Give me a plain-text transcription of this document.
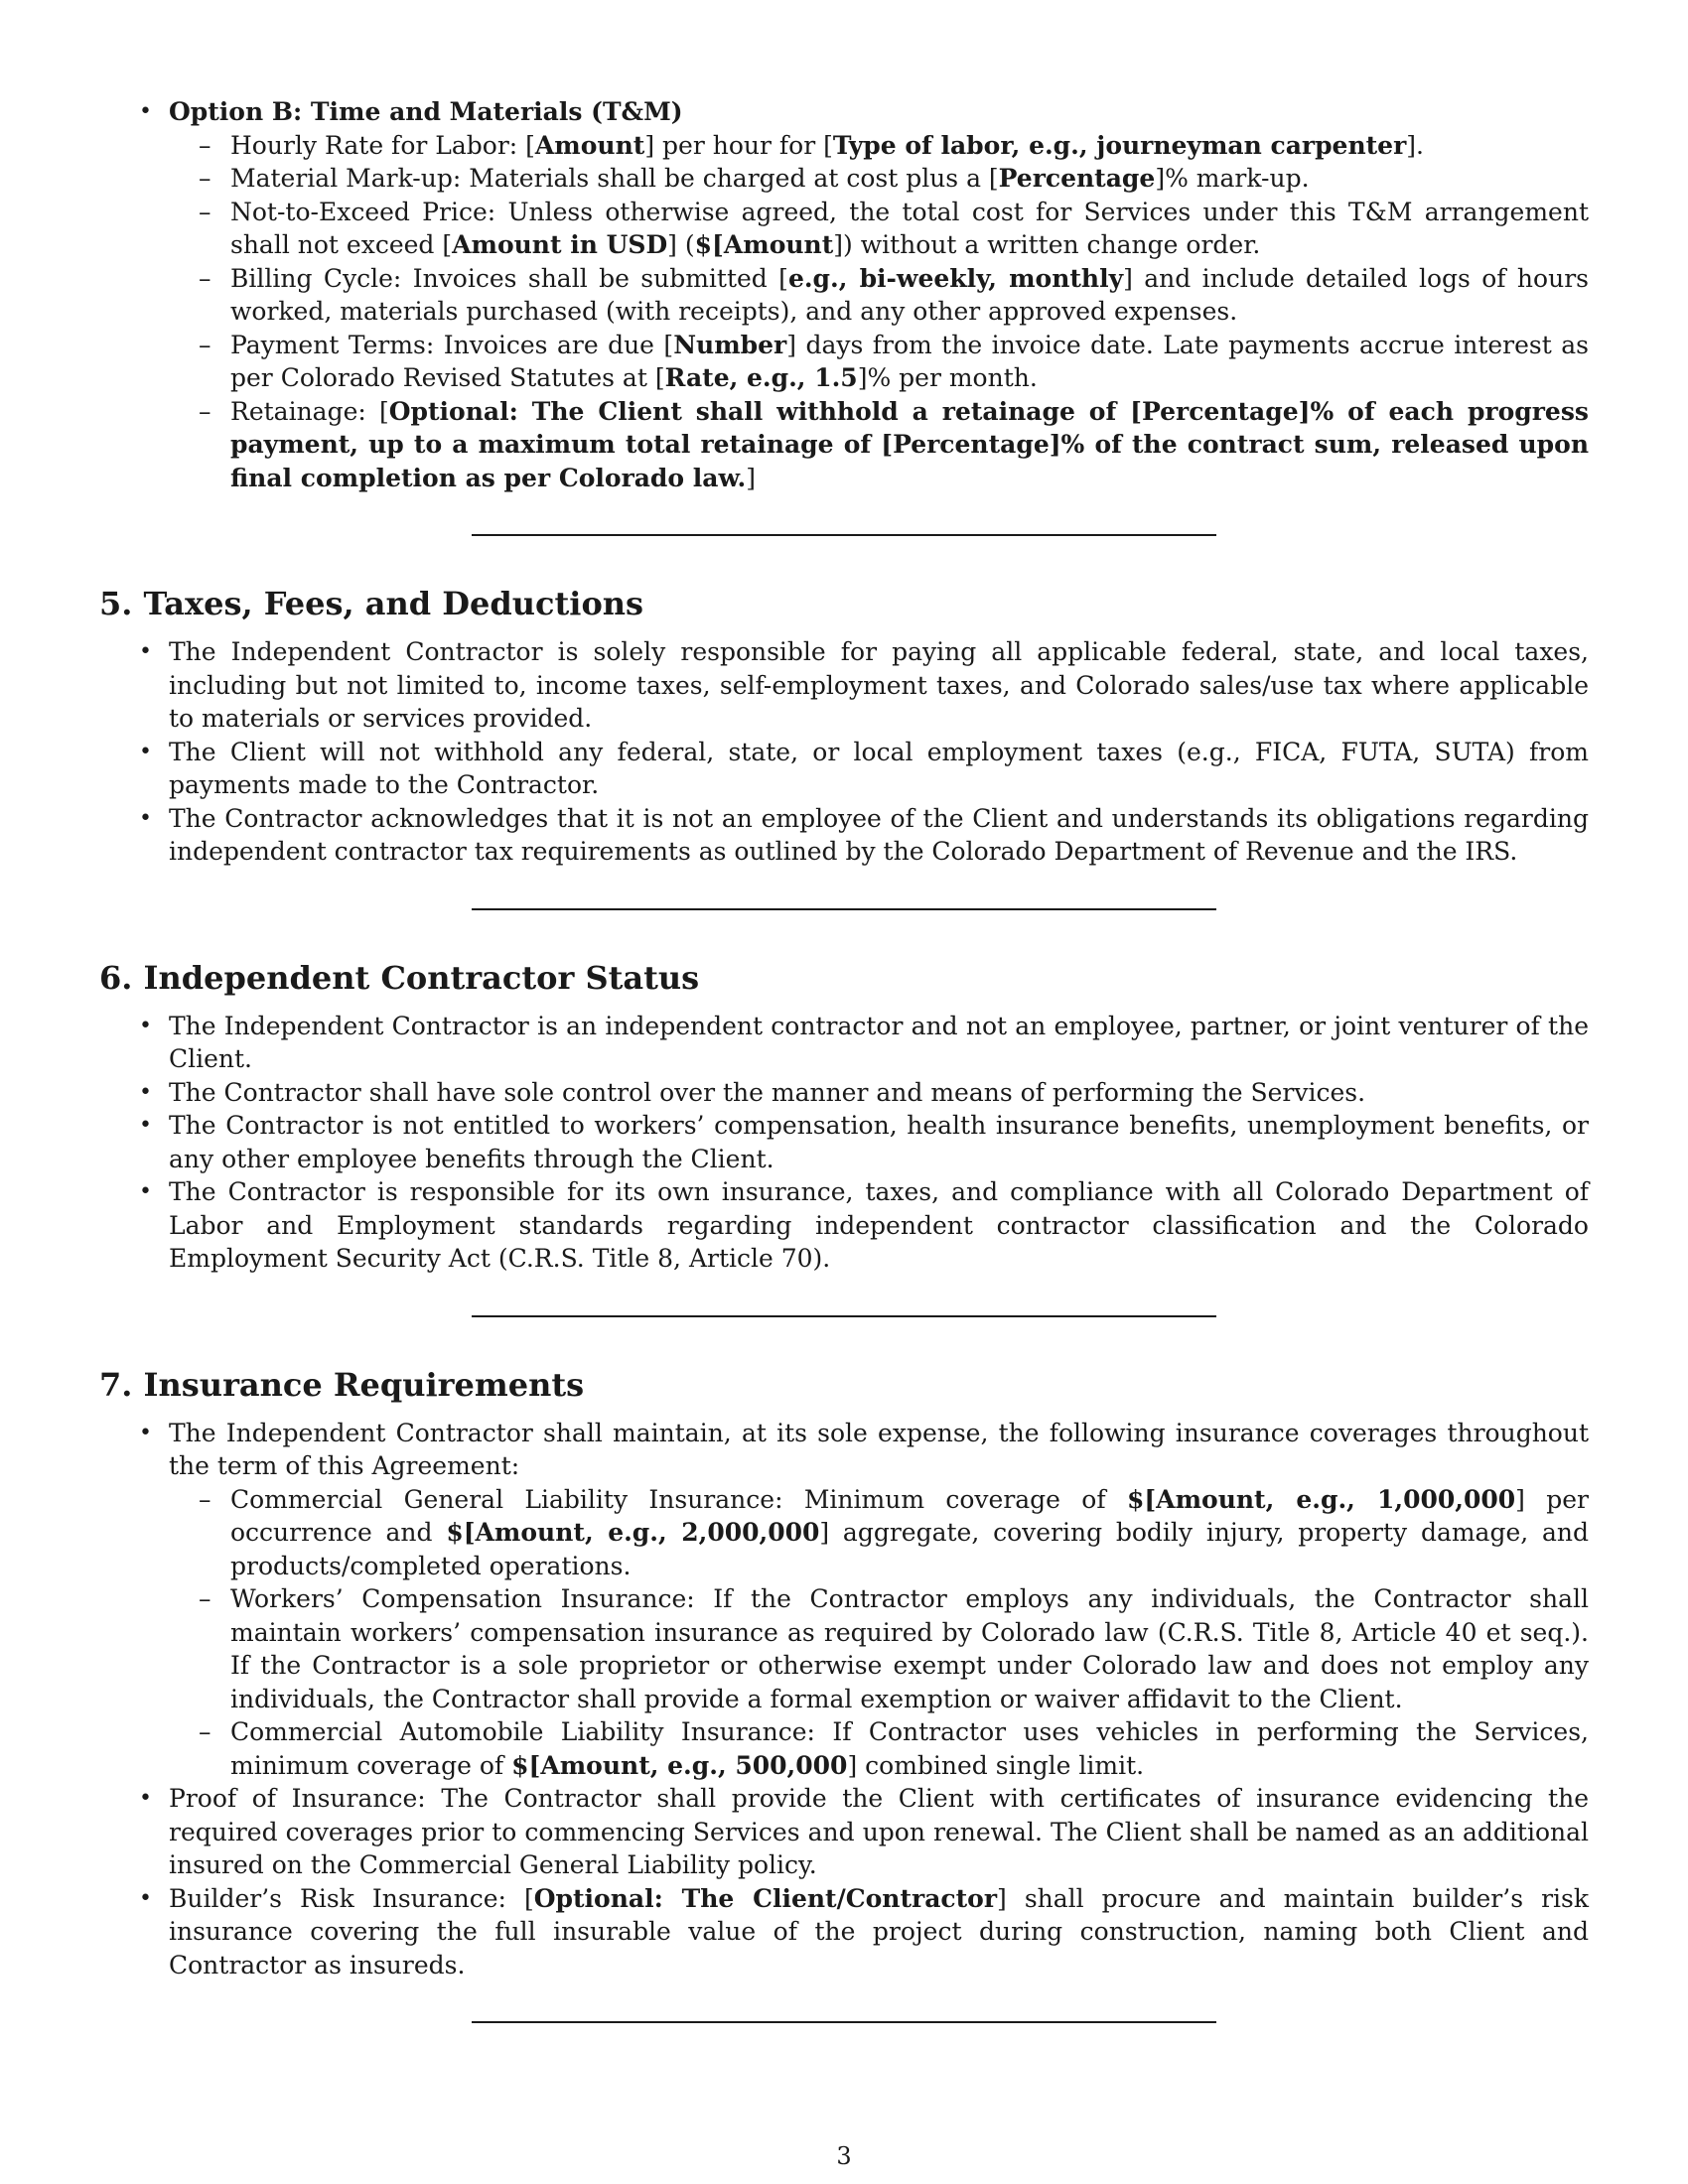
• Option B: Time and Materials (T&M)
– Hourly Rate for Labor: [Amount] per hour for [Type of labor, e.g., journeyman carpenter].
– Material Mark-up: Materials shall be charged at cost plus a [Percentage]% mark-up.
– Not-to-Exceed Price: Unless otherwise agreed, the total cost for Services under this T&M arrangement shall not exceed [Amount in USD] ($[Amount]) without a written change order.
– Billing Cycle: Invoices shall be submitted [e.g., bi-weekly, monthly] and include detailed logs of hours worked, materials purchased (with receipts), and any other approved expenses.
– Payment Terms: Invoices are due [Number] days from the invoice date. Late payments accrue interest as per Colorado Revised Statutes at [Rate, e.g., 1.5]% per month.
– Retainage: [Optional: The Client shall withhold a retainage of [Percentage]% of each progress payment, up to a maximum total retainage of [Percentage]% of the contract sum, released upon final completion as per Colorado law.]
5. Taxes, Fees, and Deductions
• The Independent Contractor is solely responsible for paying all applicable federal, state, and local taxes, including but not limited to, income taxes, self-employment taxes, and Colorado sales/use tax where applicable to materials or services provided.
• The Client will not withhold any federal, state, or local employment taxes (e.g., FICA, FUTA, SUTA) from payments made to the Contractor.
• The Contractor acknowledges that it is not an employee of the Client and understands its obligations regarding independent contractor tax requirements as outlined by the Colorado Department of Revenue and the IRS.
6. Independent Contractor Status
• The Independent Contractor is an independent contractor and not an employee, partner, or joint venturer of the Client.
• The Contractor shall have sole control over the manner and means of performing the Services.
• The Contractor is not entitled to workers’ compensation, health insurance benefits, unemployment benefits, or any other employee benefits through the Client.
• The Contractor is responsible for its own insurance, taxes, and compliance with all Colorado Department of Labor and Employment standards regarding independent contractor classification and the Colorado Employment Security Act (C.R.S. Title 8, Article 70).
7. Insurance Requirements
• The Independent Contractor shall maintain, at its sole expense, the following insurance coverages throughout the term of this Agreement:
– Commercial General Liability Insurance: Minimum coverage of $[Amount, e.g., 1,000,000] per occurrence and $[Amount, e.g., 2,000,000] aggregate, covering bodily injury, property damage, and products/completed operations.
– Workers’ Compensation Insurance: If the Contractor employs any individuals, the Contractor shall maintain workers’ compensation insurance as required by Colorado law (C.R.S. Title 8, Article 40 et seq.). If the Contractor is a sole proprietor or otherwise exempt under Colorado law and does not employ any individuals, the Contractor shall provide a formal exemption or waiver affidavit to the Client.
– Commercial Automobile Liability Insurance: If Contractor uses vehicles in performing the Services, minimum coverage of $[Amount, e.g., 500,000] combined single limit.
• Proof of Insurance: The Contractor shall provide the Client with certificates of insurance evidencing the required coverages prior to commencing Services and upon renewal. The Client shall be named as an additional insured on the Commercial General Liability policy.
• Builder’s Risk Insurance: [Optional: The Client/Contractor] shall procure and maintain builder’s risk insurance covering the full insurable value of the project during construction, naming both Client and Contractor as insureds.
3
